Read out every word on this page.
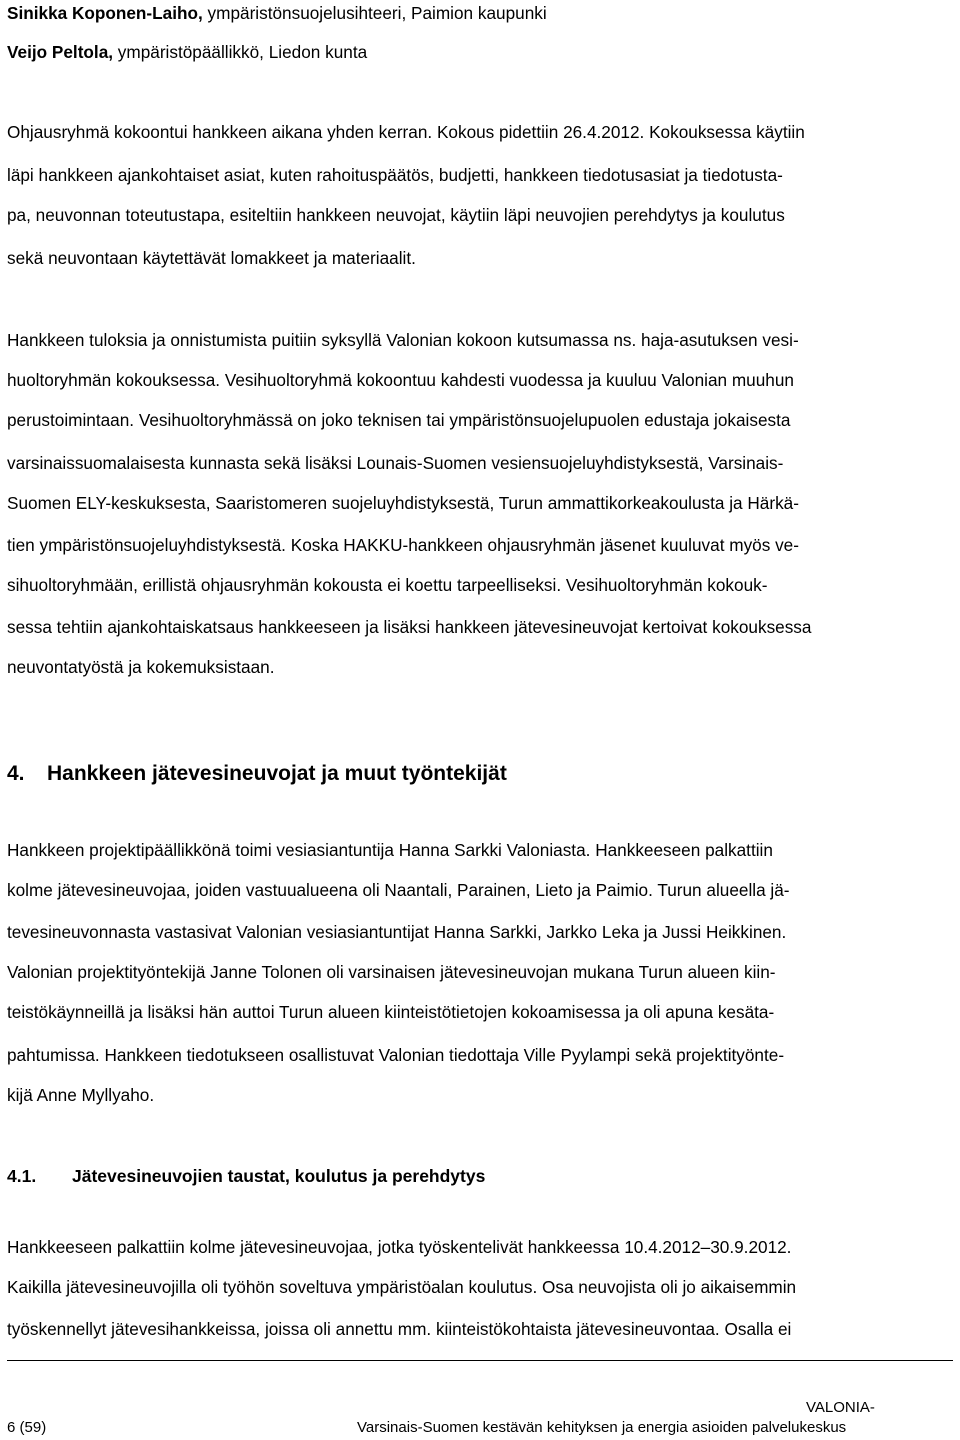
Sinikka Koponen-Laiho, ympäristönsuojelusihteeri, Paimion kaupunki
Veijo Peltola, ympäristöpäällikkö, Liedon kunta
Ohjausryhmä kokoontui hankkeen aikana yhden kerran. Kokous pidettiin 26.4.2012. Kokouksessa käytiin
läpi hankkeen ajankohtaiset asiat, kuten rahoituspäätös, budjetti, hankkeen tiedotusasiat ja tiedotusta-
pa, neuvonnan toteutustapa, esiteltiin hankkeen neuvojat, käytiin läpi neuvojien perehdytys ja koulutus
sekä neuvontaan käytettävät lomakkeet ja materiaalit.
Hankkeen tuloksia ja onnistumista puitiin syksyllä Valonian kokoon kutsumassa ns. haja-asutuksen vesi-
huoltoryhmän kokouksessa. Vesihuoltoryhmä kokoontuu kahdesti vuodessa ja kuuluu Valonian muuhun
perustoimintaan. Vesihuoltoryhmässä on joko teknisen tai ympäristönsuojelupuolen edustaja jokaisesta
varsinaissuomalaisesta kunnasta sekä lisäksi Lounais-Suomen vesiensuojeluyhdistyksestä, Varsinais-
Suomen ELY-keskuksesta, Saaristomeren suojeluyhdistyksestä, Turun ammattikorkeakoulusta ja Härkä-
tien ympäristönsuojeluyhdistyksestä. Koska HAKKU-hankkeen ohjausryhmän jäsenet kuuluvat myös ve-
sihuoltoryhmään, erillistä ohjausryhmän kokousta ei koettu tarpeelliseksi. Vesihuoltoryhmän kokouk-
sessa tehtiin ajankohtaiskatsaus hankkeeseen ja lisäksi hankkeen jätevesineuvojat kertoivat kokouksessa
neuvontatyöstä ja kokemuksistaan.
4. Hankkeen jätevesineuvojat ja muut työntekijät
Hankkeen projektipäällikkönä toimi vesiasiantuntija Hanna Sarkki Valoniasta. Hankkeeseen palkattiin
kolme jätevesineuvojaa, joiden vastuualueena oli Naantali, Parainen, Lieto ja Paimio. Turun alueella jä-
tevesineuvonnasta vastasivat Valonian vesiasiantuntijat Hanna Sarkki, Jarkko Leka ja Jussi Heikkinen.
Valonian projektityöntekijä Janne Tolonen oli varsinaisen jätevesineuvojan mukana Turun alueen kiin-
teistökäynneillä ja lisäksi hän auttoi Turun alueen kiinteistötietojen kokoamisessa ja oli apuna kesäta-
pahtumissa. Hankkeen tiedotukseen osallistuvat Valonian tiedottaja Ville Pyylampi sekä projektityönte-
kijä Anne Myllyaho.
4.1. Jätevesineuvojien taustat, koulutus ja perehdytys
Hankkeeseen palkattiin kolme jätevesineuvojaa, jotka työskentelivät hankkeessa 10.4.2012–30.9.2012.
Kaikilla jätevesineuvojilla oli työhön soveltuva ympäristöalan koulutus. Osa neuvojista oli jo aikaisemmin
työskennellyt jätevesihankkeissa, joissa oli annettu mm. kiinteistökohtaista jätevesineuvontaa. Osalla ei
6 (59)
VALONIA-
Varsinais-Suomen kestävän kehityksen ja energia asioiden palvelukeskus
